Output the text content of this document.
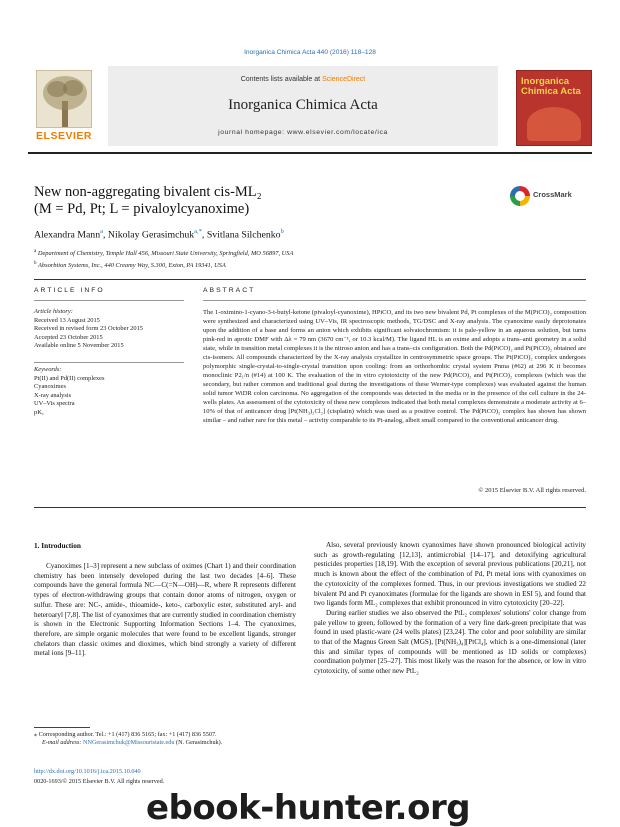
Inorganica Chimica Acta 440 (2016) 118–128
ELSEVIER
Contents lists available at ScienceDirect
Inorganica Chimica Acta
journal homepage: www.elsevier.com/locate/ica
Inorganica Chimica Acta
New non-aggregating bivalent cis-ML₂
(M = Pd, Pt; L = pivaloylcyanoxime)
CrossMark
Alexandra Mann$^a$, Nikolay Gerasimchuk$^{a,*}$, Svitlana Silchenko$^b$
$^a$ Department of Chemistry, Temple Hall 456, Missouri State University, Springfield, MO 56897, USA
$^b$ Absorbtion Systems, Inc., 440 Creamy Way, S.300, Exton, PA 19341, USA
ARTICLE INFO
Article history:
Received 13 August 2015
Received in revised form 23 October 2015
Accepted 23 October 2015
Available online 5 November 2015
Keywords:
Pt(II) and Pd(II) complexes
Cyanoximes
X-ray analysis
UV–Vis spectra
pKₐ
ABSTRACT
The 1-oximino-1-cyano-3-t-butyl-ketone (pivaloyl-cyanoxime), HPiCO, and its two new bivalent Pd, Pt complexes of the M(PiCO)₂ composition were synthesized and characterized using UV–Vis, IR spectroscopic methods, TG/DSC and X-ray analysis. The cyanoxime easily deprotonates upon the addition of a base and forms an anion which exhibits significant solvatochromism: it is pale-yellow in an aqueous solution, but turns pink-red in aprotic DMF with Δλ = 79 nm (3670 cm⁻¹, or 10.3 kcal/M). The ligand HL is an oxime and adopts a trans–anti geometry in a solid state, while in transition metal complexes it is the nitroso anion and has a trans–cis configuration. Both the Pd(PiCO)₂ and Pt(PiCO)₂ obtained are cis-isomers. All compounds characterized by the X-ray analysis crystallize in centrosymmetric space groups. The Pt(PiCO)₂ complex undergoes polymorphic single-crystal-to-single-crystal transition upon cooling: from an orthorhombic crystal system Pnma (#62) at 296 K it becomes monoclinic P2₁/n (#14) at 100 K. The evaluation of the in vitro cytotoxicity of the new Pd(PiCO)₂ and Pt(PiCO)₂ complexes (which was the secondary, but rather common and traditional goal during the investigations of these Werner-type complexes) was evaluated against the human solid tumor WiDR colon carcinoma. No aggregation of the compounds was detected in the media or in the presence of the cell culture in the 24-wells plates. An assessment of the cytotoxicity of these new complexes indicated that both metal complexes demonstrate a moderate activity at 6–10% of that of anticancer drug [Pt(NH₃)₂Cl₂] (cisplatin) which was used as a positive control. The Pd(PiCO)₂ complex has shown has shown similar – and rather rare for this metal – activity comparable to its Pt-analog, albeit small compared to the conventional anticancer drug.
© 2015 Elsevier B.V. All rights reserved.
1. Introduction

Cyanoximes [1–3] represent a new subclass of oximes (Chart 1) and their coordination chemistry has been intensely developed during the last two decades [4–6]. These compounds have the general formula NC—C(=N—OH)—R, where R represents different types of electron-withdrawing groups that contain donor atoms of nitrogen, oxygen or sulfur. These are: NC-, amide-, thioamide-, keto-, carboxylic ester, substituted aryl- and heteroaryl [7,8]. The list of cyanoximes that are currently studied in coordination chemistry is shown in the Electronic Supporting Information Sections 1–4. The cyanoximes, therefore, are simple organic molecules that were found to be excellent ligands, stronger chelators than classic oximes and dioximes, which bind strongly a variety of different metal ions [9–11].

Also, several previously known cyanoximes have shown pronounced biological activity such as growth-regulating [12,13], antimicrobial [14–17], and detoxifying agricultural pesticides properties [18,19]. With the exception of several previous publications [20,21], not much is known about the effect of the combination of Pd, Pt metal ions with cyanoximes on the cytotoxicity of the complexes formed. Thus, in our previous investigations we studied 22 bivalent Pd and Pt cyanoximates (formulae for the ligands are shown in ESI 5), and found that two ligands form ML₂ complexes that exhibit pronounced in vitro cytotoxicity [20–22].

During earlier studies we also observed the PtL₂ complexes' solutions' color change from pale yellow to green, followed by the formation of a very fine dark-green precipitate that was found in used plastic-ware (24 wells plates) [23,24]. The color and poor solubility are similar to that of the Magnus Green Salt (MGS), [Pt(NH₃)₄][PtCl₄], which is a one-dimensional (later this and similar types of compounds will be mentioned as 1D solids or complexes) coordination polymer [25–27]. This most likely was the reason for the absence, or low in vitro cytotoxicity, of some other new PtL₂

⁎ Corresponding author. Tel.: +1 (417) 836 5165; fax: +1 (417) 836 5507.
E-mail address: NNGerasimchuk@Missouristate.edu (N. Gerasimchuk).
http://dx.doi.org/10.1016/j.ica.2015.10.040
0020-1693/© 2015 Elsevier B.V. All rights reserved.
ebook-hunter.org
